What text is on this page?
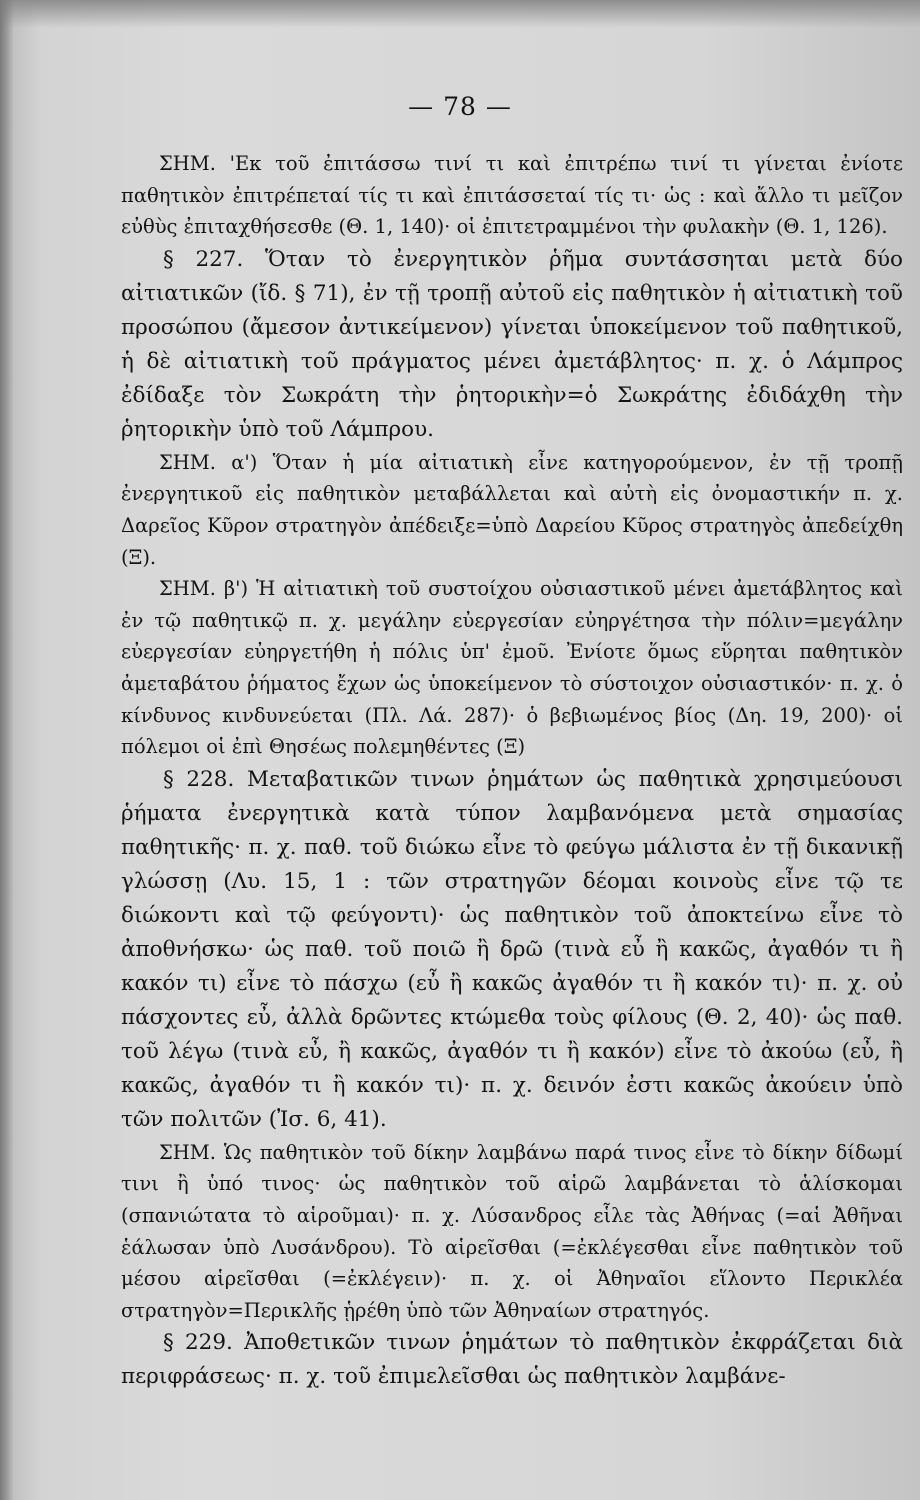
— 78 —

ΣΗΜ. 'Εκ τοῦ ἐπιτάσσω τινί τι καὶ ἐπιτρέπω τινί τι γίνεται ἐνίοτε παθητικὸν ἐπιτρέπεταί τίς τι καὶ ἐπιτάσσεταί τίς τι· ὡς : καὶ ἄλλο τι μεῖζον εὐθὺς ἐπιταχθήσεσθε (Θ. 1, 140)· οἱ ἐπιτετραμμένοι τὴν φυλακὴν (Θ. 1, 126).

§ 227. Ὅταν τὸ ἐνεργητικὸν ῥῆμα συντάσσηται μετὰ δύο αἰτιατικῶν (ἴδ. § 71), ἐν τῇ τροπῇ αὐτοῦ εἰς παθητικὸν ἡ αἰτιατικὴ τοῦ προσώπου (ἄμεσον ἀντικείμενον) γίνεται ὑποκείμενον τοῦ παθητικοῦ, ἡ δὲ αἰτιατικὴ τοῦ πράγματος μένει ἀμετάβλητος· π. χ. ὁ Λάμπρος ἐδίδαξε τὸν Σωκράτη τὴν ῥητορικὴν=ὁ Σωκράτης ἐδιδάχθη τὴν ῥητορικὴν ὑπὸ τοῦ Λάμπρου.

ΣΗΜ. α') Ὅταν ἡ μία αἰτιατικὴ εἶνε κατηγορούμενον, ἐν τῇ τροπῇ ἐνεργητικοῦ εἰς παθητικὸν μεταβάλλεται καὶ αὐτὴ εἰς ὀνομαστικήν π. χ. Δαρεῖος Κῦρον στρατηγὸν ἀπέδειξε=ὑπὸ Δαρείου Κῦρος στρατηγὸς ἀπεδείχθη (Ξ).

ΣΗΜ. β') Ἡ αἰτιατικὴ τοῦ συστοίχου οὐσιαστικοῦ μένει ἀμετάβλητος καὶ ἐν τῷ παθητικῷ π. χ. μεγάλην εὐεργεσίαν εὐηργέτησα τὴν πόλιν=μεγάλην εὐεργεσίαν εὐηργετήθη ἡ πόλις ὑπ' ἐμοῦ. Ἐνίοτε ὅμως εὕρηται παθητικὸν ἀμεταβάτου ῥήματος ἔχων ὡς ὑποκείμενον τὸ σύστοιχον οὐσιαστικόν· π. χ. ὁ κίνδυνος κινδυνεύεται (Πλ. Λά. 287)· ὁ βεβιωμένος βίος (Δη. 19, 200)· οἱ πόλεμοι οἱ ἐπὶ Θησέως πολεμηθέντες (Ξ)

§ 228. Μεταβατικῶν τινων ῥημάτων ὡς παθητικὰ χρησιμεύουσι ῥήματα ἐνεργητικὰ κατὰ τύπον λαμβανόμενα μετὰ σημασίας παθητικῆς· π. χ. παθ. τοῦ διώκω εἶνε τὸ φεύγω μάλιστα ἐν τῇ δικανικῇ γλώσσῃ (Λυ. 15, 1 : τῶν στρατηγῶν δέομαι κοινοὺς εἶνε τῷ τε διώκοντι καὶ τῷ φεύγοντι)· ὡς παθητικὸν τοῦ ἀποκτείνω εἶνε τὸ ἀποθνήσκω· ὡς παθ. τοῦ ποιῶ ἢ δρῶ (τινὰ εὖ ἢ κακῶς, ἀγαθόν τι ἢ κακόν τι) εἶνε τὸ πάσχω (εὖ ἢ κακῶς ἀγαθόν τι ἢ κακόν τι)· π. χ. οὐ πάσχοντες εὖ, ἀλλὰ δρῶντες κτώμεθα τοὺς φίλους (Θ. 2, 40)· ὡς παθ. τοῦ λέγω (τινὰ εὖ, ἢ κακῶς, ἀγαθόν τι ἢ κακόν) εἶνε τὸ ἀκούω (εὖ, ἢ κακῶς, ἀγαθόν τι ἢ κακόν τι)· π. χ. δεινόν ἐστι κακῶς ἀκούειν ὑπὸ τῶν πολιτῶν (Ἰσ. 6, 41).

ΣΗΜ. Ὡς παθητικὸν τοῦ δίκην λαμβάνω παρά τινος εἶνε τὸ δίκην δίδωμί τινι ἢ ὑπό τινος· ὡς παθητικὸν τοῦ αἱρῶ λαμβάνεται τὸ ἁλίσκομαι (σπανιώτατα τὸ αἱροῦμαι)· π. χ. Λύσανδρος εἷλε τὰς Ἀθήνας (=αἱ Ἀθῆναι ἑάλωσαν ὑπὸ Λυσάνδρου). Τὸ αἱρεῖσθαι (=ἐκλέγεσθαι εἶνε παθητικὸν τοῦ μέσου αἱρεῖσθαι (=ἐκλέγειν)· π. χ. οἱ Ἀθηναῖοι εἵλοντο Περικλέα στρατηγὸν=Περικλῆς ᾑρέθη ὑπὸ τῶν Ἀθηναίων στρατηγός.

§ 229. Ἀποθετικῶν τινων ῥημάτων τὸ παθητικὸν ἐκφράζεται διὰ περιφράσεως· π. χ. τοῦ ἐπιμελεῖσθαι ὡς παθητικὸν λαμβάνε-
